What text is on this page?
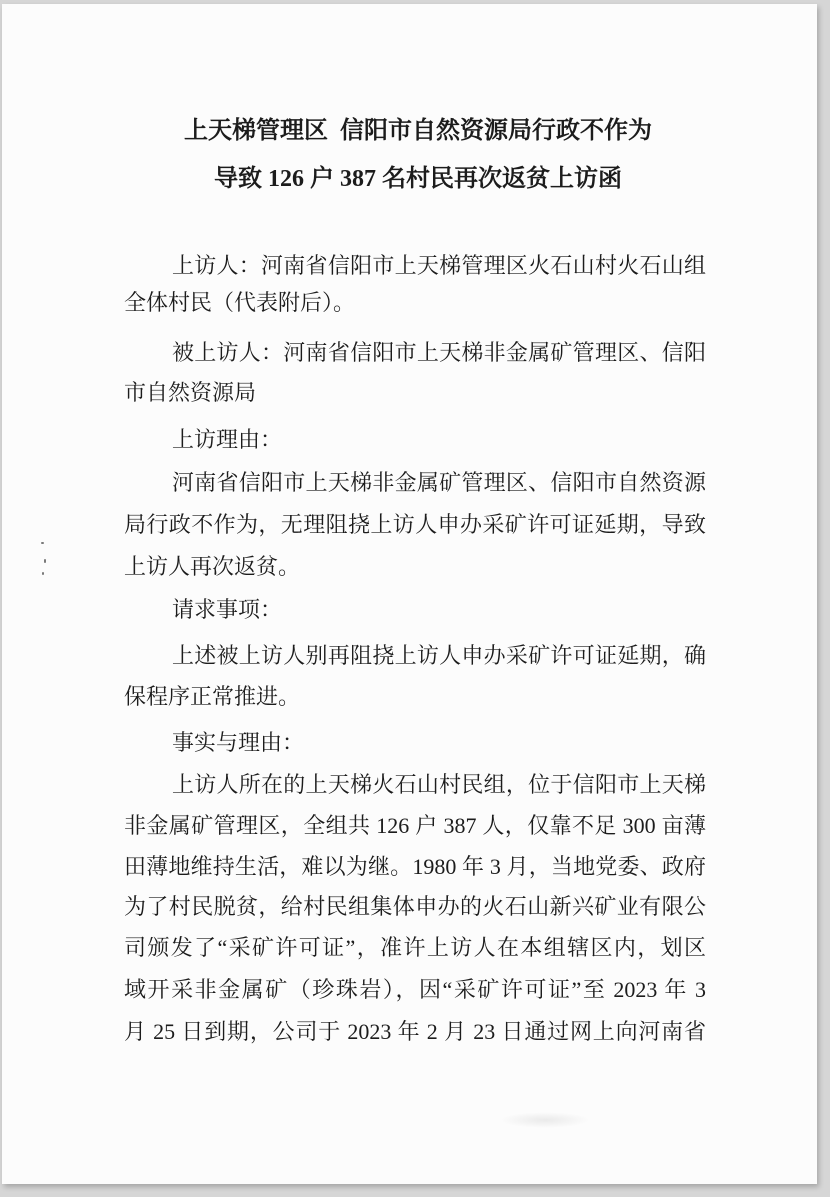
上天梯管理区  信阳市自然资源局行政不作为
导致 126 户 387 名村民再次返贫上访函
上访人：河南省信阳市上天梯管理区火石山村火石山组
全体村民（代表附后）。
被上访人：河南省信阳市上天梯非金属矿管理区、信阳
市自然资源局
上访理由：
河南省信阳市上天梯非金属矿管理区、信阳市自然资源
局行政不作为，无理阻挠上访人申办采矿许可证延期，导致
上访人再次返贫。
请求事项：
上述被上访人别再阻挠上访人申办采矿许可证延期，确
保程序正常推进。
事实与理由：
上访人所在的上天梯火石山村民组，位于信阳市上天梯
非金属矿管理区，全组共 126 户 387 人，仅靠不足 300 亩薄
田薄地维持生活，难以为继。1980 年 3 月，当地党委、政府
为了村民脱贫，给村民组集体申办的火石山新兴矿业有限公
司颁发了“采矿许可证”，准许上访人在本组辖区内，划区
域开采非金属矿（珍珠岩），因“采矿许可证”至 2023 年 3
月 25 日到期，公司于 2023 年 2 月 23 日通过网上向河南省
